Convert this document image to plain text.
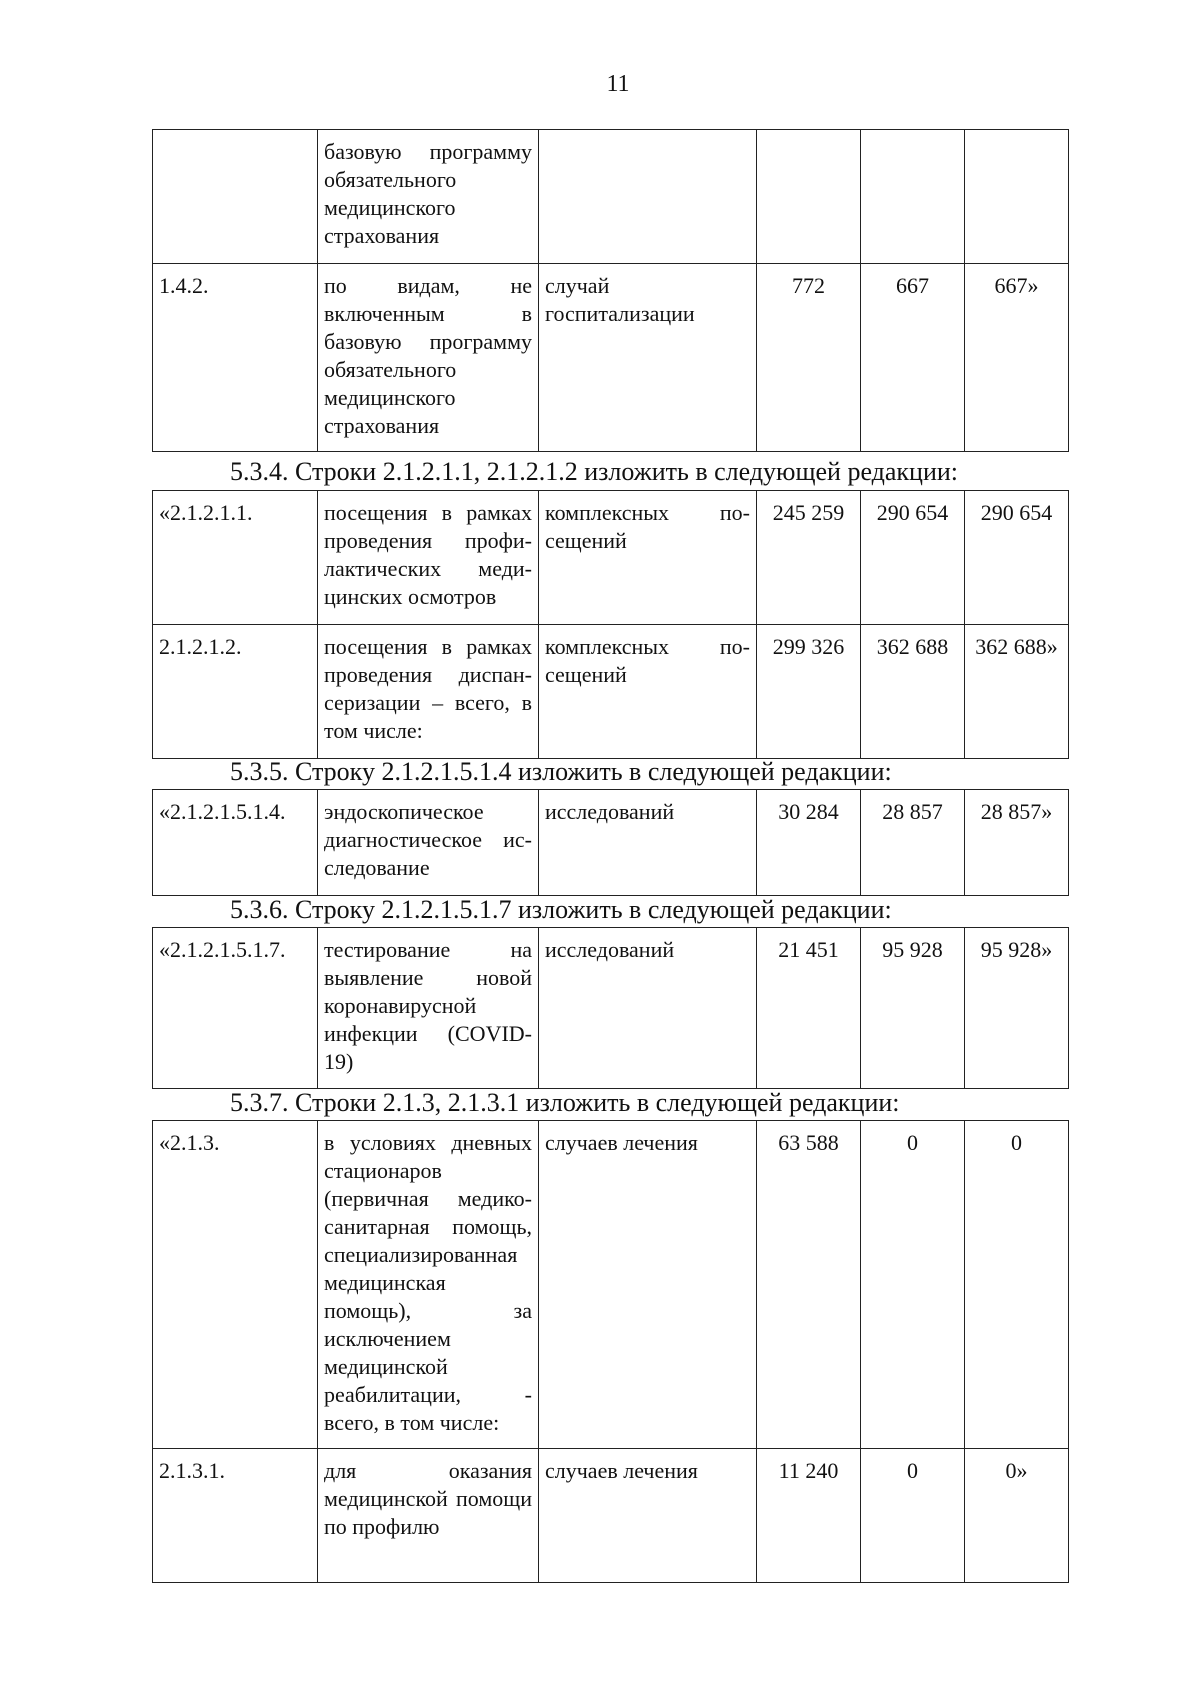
11
	базовую программу обязательного медицинского страхования				
1.4.2.	по видам, не включенным в базовую программу обязательного медицинского страхования	случай госпитализации	772	667	667»
5.3.4. Строки 2.1.2.1.1, 2.1.2.1.2 изложить в следующей редакции:
«2.1.2.1.1.	посещения в рамках проведения профилактических медицинских осмотров	комплексных посещений	245 259	290 654	290 654
2.1.2.1.2.	посещения в рамках проведения диспансеризации – всего, в том числе:	комплексных посещений	299 326	362 688	362 688»
5.3.5. Строку 2.1.2.1.5.1.4 изложить в следующей редакции:
«2.1.2.1.5.1.4.	эндоскопическое диагностическое исследование	исследований	30 284	28 857	28 857»
5.3.6. Строку 2.1.2.1.5.1.7 изложить в следующей редакции:
«2.1.2.1.5.1.7.	тестирование на выявление новой коронавирусной инфекции (COVID-19)	исследований	21 451	95 928	95 928»
5.3.7. Строки 2.1.3, 2.1.3.1 изложить в следующей редакции:
«2.1.3.	в условиях дневных стационаров (первичная медико-санитарная помощь, специализированная медицинская помощь), за исключением медицинской реабилитации, - всего, в том числе:	случаев лечения	63 588	0	0
2.1.3.1.	для оказания медицинской помощи по профилю	случаев лечения	11 240	0	0»
